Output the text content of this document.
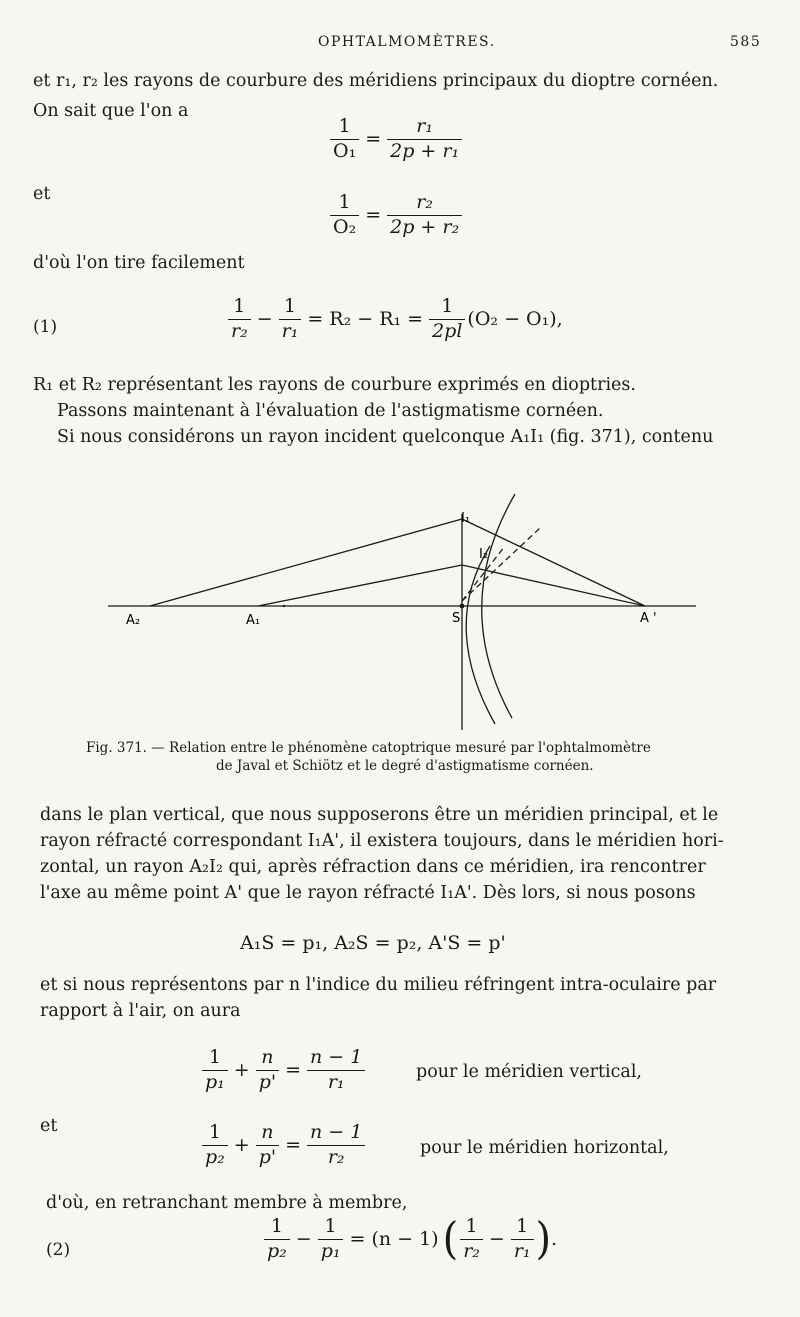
OPHTALMOMÈTRES.	585
et r₁, r₂ les rayons de courbure des méridiens principaux du dioptre cornéen.
On sait que l'on a
$\frac{1}{\text{O₁}} = \frac{\text{r₁}}{\text{2p + r₁}}$
et	$\frac{1}{\text{O₂}} = \frac{\text{r₂}}{\text{2p + r₂}}$
d'où l'on tire facilement
(1)	$\frac{1}{\text{r₂}} - \frac{1}{\text{r₁}} = R_2 - R_1 = \frac{1}{2pl} (O_2 - O_1)$,
R₁ et R₂ représentant les rayons de courbure exprimés en dioptries.
Passons maintenant à l'évaluation de l'astigmatisme cornéen.
Si nous considérons un rayon incident quelconque A₁I₁ (fig. 371), contenu
A₂	A₁	S	A '
I₁
I₂
Fig. 371. — Relation entre le phénomène catoptrique mesuré par l'ophtalmomètre
de Javal et Schiötz et le degré d'astigmatisme cornéen.
dans le plan vertical, que nous supposerons être un méridien principal, et le
rayon réfracté correspondant I₁A', il existera toujours, dans le méridien hori-
zontal, un rayon A₂I₂ qui, après réfraction dans ce méridien, ira rencontrer
l'axe au même point A' que le rayon réfracté I₁A'. Dès lors, si nous posons
A₁S = p₁, A₂S = p₂, A'S = p'
et si nous représentons par n l'indice du milieu réfringent intra-oculaire par
rapport à l'air, on aura
$\frac{1}{\text{p₁}} + \frac{n}{p'} = \frac{n - 1}{\text{r₁}}$	pour le méridien vertical,
et	$\frac{1}{\text{p₂}} + \frac{n}{p'} = \frac{n - 1}{\text{r₂}}$	pour le méridien horizontal,
d'où, en retranchant membre à membre,
(2)	$\frac{1}{\text{p₂}} - \frac{1}{\text{p₁}} = (n - 1)$ ( $\frac{1}{\text{r₂}} - \frac{1}{\text{r₁}}$ ) .
